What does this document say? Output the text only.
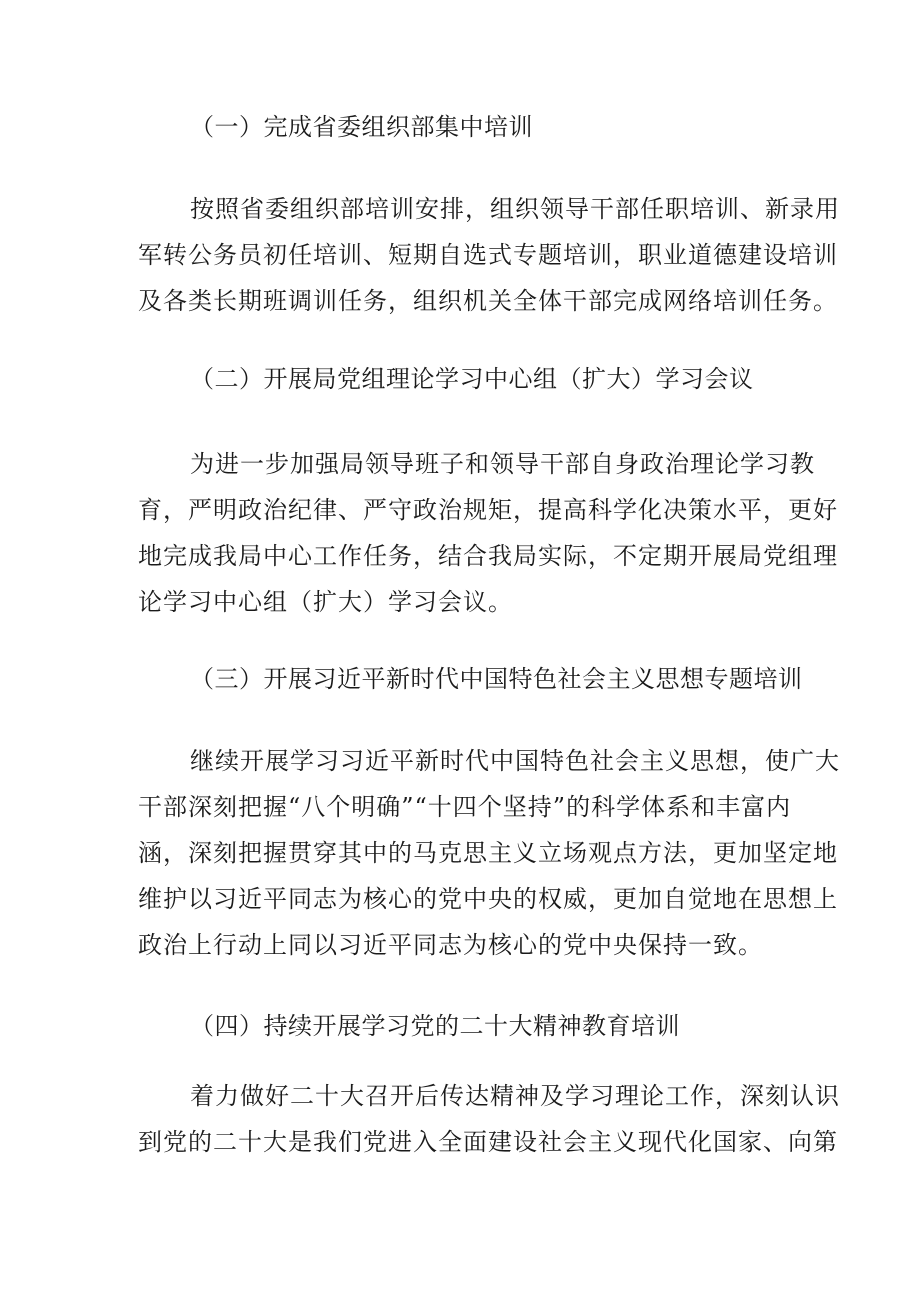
（一）完成省委组织部集中培训
按照省委组织部培训安排，组织领导干部任职培训、新录用
军转公务员初任培训、短期自选式专题培训，职业道德建设培训
及各类长期班调训任务，组织机关全体干部完成网络培训任务。
（二）开展局党组理论学习中心组（扩大）学习会议
为进一步加强局领导班子和领导干部自身政治理论学习教
育，严明政治纪律、严守政治规矩，提高科学化决策水平，更好
地完成我局中心工作任务，结合我局实际，不定期开展局党组理
论学习中心组（扩大）学习会议。
（三）开展习近平新时代中国特色社会主义思想专题培训
继续开展学习习近平新时代中国特色社会主义思想，使广大
干部深刻把握“八个明确”“十四个坚持”的科学体系和丰富内
涵，深刻把握贯穿其中的马克思主义立场观点方法，更加坚定地
维护以习近平同志为核心的党中央的权威，更加自觉地在思想上
政治上行动上同以习近平同志为核心的党中央保持一致。
（四）持续开展学习党的二十大精神教育培训
着力做好二十大召开后传达精神及学习理论工作，深刻认识
到党的二十大是我们党进入全面建设社会主义现代化国家、向第
